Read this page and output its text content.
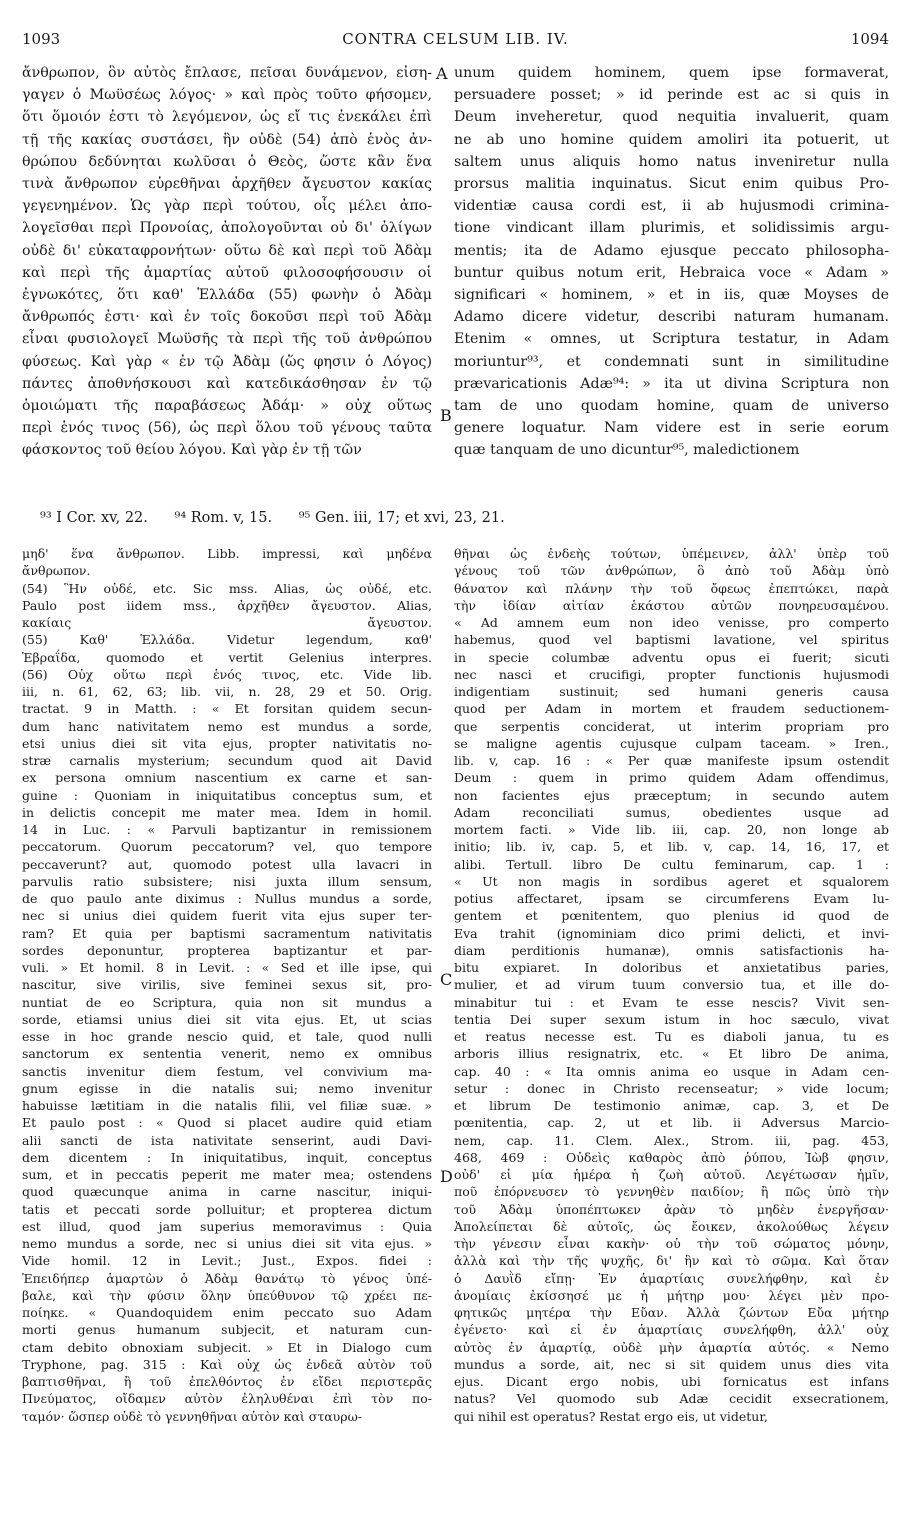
1093	CONTRA CELSUM LIB. IV.	1094
ἄνθρωπον, ὃν αὐτὸς ἔπλασε, πεῖσαι δυνάμενον, εἰση-
γαγεν ὁ Μωϋσέως λόγος· » καὶ πρὸς τοῦτο φήσομεν,
ὅτι ὅμοιόν ἐστι τὸ λεγόμενον, ὡς εἴ τις ἐνεκάλει ἐπὶ
τῇ τῆς κακίας συστάσει, ἣν οὐδὲ (54) ἀπὸ ἑνὸς ἀν-
θρώπου δεδύνηται κωλῦσαι ὁ Θεὸς, ὥστε κἂν ἕνα
τινὰ ἄνθρωπον εὑρεθῆναι ἀρχῆθεν ἄγευστον κακίας
γεγενημένον. Ὡς γὰρ περὶ τούτου, οἷς μέλει ἀπο-
λογεῖσθαι περὶ Προνοίας, ἀπολογοῦνται οὐ δι' ὀλίγων
οὐδὲ δι' εὐκαταφρονήτων· οὕτω δὲ καὶ περὶ τοῦ Ἀδὰμ
καὶ περὶ τῆς ἁμαρτίας αὐτοῦ φιλοσοφήσουσιν οἱ
ἐγνωκότες, ὅτι καθ' Ἑλλάδα (55) φωνὴν ὁ Ἀδὰμ
ἄνθρωπός ἐστι· καὶ ἐν τοῖς δοκοῦσι περὶ τοῦ Ἀδὰμ
εἶναι φυσιολογεῖ Μωϋσῆς τὰ περὶ τῆς τοῦ ἀνθρώπου
φύσεως. Καὶ γὰρ « ἐν τῷ Ἀδὰμ (ὥς φησιν ὁ Λόγος)
πάντες ἀποθνήσκουσι καὶ κατεδικάσθησαν ἐν τῷ
ὁμοιώματι τῆς παραβάσεως Ἀδάμ· » οὐχ οὕτως
περὶ ἑνός τινος (56), ὡς περὶ ὅλου τοῦ γένους ταῦτα
φάσκοντος τοῦ θείου λόγου. Καὶ γὰρ ἐν τῇ τῶν
unum quidem hominem, quem ipse formaverat,
persuadere posset; » id perinde est ac si quis in
Deum inveheretur, quod nequitia invaluerit, quam
ne ab uno homine quidem amoliri ita potuerit, ut
saltem unus aliquis homo natus inveniretur nulla
prorsus malitia inquinatus. Sicut enim quibus Pro-
videntiæ causa cordi est, ii ab hujusmodi crimina-
tione vindicant illam plurimis, et solidissimis argu-
mentis; ita de Adamo ejusque peccato philosopha-
buntur quibus notum erit, Hebraica voce « Adam »
significari « hominem, » et in iis, quæ Moyses de
Adamo dicere videtur, describi naturam humanam.
Etenim « omnes, ut Scriptura testatur, in Adam
moriuntur⁹³, et condemnati sunt in similitudine
prævaricationis Adæ⁹⁴: » ita ut divina Scriptura non
tam de uno quodam homine, quam de universo
genere loquatur. Nam videre est in serie eorum
quæ tanquam de uno dicuntur⁹⁵, maledictionem
A
B
C
D
⁹³ I Cor. xv, 22. ⁹⁴ Rom. v, 15. ⁹⁵ Gen. iii, 17; et xvi, 23, 21.
μηδ' ἕνα ἄνθρωπον. Libb. impressi, καὶ μηδένα
ἄνθρωπον.
(54) Ἣν οὐδέ, etc. Sic mss. Alias, ὡς οὐδέ, etc.
Paulo post iidem mss., ἀρχῆθεν ἄγευστον. Alias,
κακίαις ἄγευστον.
(55) Καθ' Ἑλλάδα. Videtur legendum, καθ'
Ἑβραΐδα, quomodo et vertit Gelenius interpres.
(56) Οὐχ οὕτω περὶ ἑνός τινος, etc. Vide lib.
iii, n. 61, 62, 63; lib. vii, n. 28, 29 et 50. Orig.
tractat. 9 in Matth. : « Et forsitan quidem secun-
dum hanc nativitatem nemo est mundus a sorde,
etsi unius diei sit vita ejus, propter nativitatis no-
stræ carnalis mysterium; secundum quod ait David
ex persona omnium nascentium ex carne et san-
guine : Quoniam in iniquitatibus conceptus sum, et
in delictis concepit me mater mea. Idem in homil.
14 in Luc. : « Parvuli baptizantur in remissionem
peccatorum. Quorum peccatorum? vel, quo tempore
peccaverunt? aut, quomodo potest ulla lavacri in
parvulis ratio subsistere; nisi juxta illum sensum,
de quo paulo ante diximus : Nullus mundus a sorde,
nec si unius diei quidem fuerit vita ejus super ter-
ram? Et quia per baptismi sacramentum nativitatis
sordes deponuntur, propterea baptizantur et par-
vuli. » Et homil. 8 in Levit. : « Sed et ille ipse, qui
nascitur, sive virilis, sive feminei sexus sit, pro-
nuntiat de eo Scriptura, quia non sit mundus a
sorde, etiamsi unius diei sit vita ejus. Et, ut scias
esse in hoc grande nescio quid, et tale, quod nulli
sanctorum ex sententia venerit, nemo ex omnibus
sanctis invenitur diem festum, vel convivium ma-
gnum egisse in die natalis sui; nemo invenitur
habuisse lætitiam in die natalis filii, vel filiæ suæ. »
Et paulo post : « Quod si placet audire quid etiam
alii sancti de ista nativitate senserint, audi Davi-
dem dicentem : In iniquitatibus, inquit, conceptus
sum, et in peccatis peperit me mater mea; ostendens
quod quæcunque anima in carne nascitur, iniqui-
tatis et peccati sorde polluitur; et propterea dictum
est illud, quod jam superius memoravimus : Quia
nemo mundus a sorde, nec si unius diei sit vita ejus. »
Vide homil. 12 in Levit.; Just., Expos. fidei :
Ἐπειδήπερ ἁμαρτὼν ὁ Ἀδὰμ θανάτῳ τὸ γένος ὑπέ-
βαλε, καὶ τὴν φύσιν ὅλην ὑπεύθυνον τῷ χρέει πε-
ποίηκε. « Quandoquidem enim peccato suo Adam
morti genus humanum subjecit, et naturam cun-
ctam debito obnoxiam subjecit. » Et in Dialogo cum
Tryphone, pag. 315 : Καὶ οὐχ ὡς ἐνδεᾶ αὐτὸν τοῦ
βαπτισθῆναι, ἢ τοῦ ἐπελθόντος ἐν εἴδει περιστερᾶς
Πνεύματος, οἴδαμεν αὐτὸν ἐληλυθέναι ἐπὶ τὸν πο-
ταμόν· ὥσπερ οὐδὲ τὸ γεννηθῆναι αὐτὸν καὶ σταυρω-
θῆναι ὡς ἐνδεὴς τούτων, ὑπέμεινεν, ἀλλ' ὑπὲρ τοῦ
γένους τοῦ τῶν ἀνθρώπων, ὃ ἀπὸ τοῦ Ἀδὰμ ὑπὸ
θάνατον καὶ πλάνην τὴν τοῦ ὄφεως ἐπεπτώκει, παρὰ
τὴν ἰδίαν αἰτίαν ἑκάστου αὐτῶν πονηρευσαμένου.
« Ad amnem eum non ideo venisse, pro comperto
habemus, quod vel baptismi lavatione, vel spiritus
in specie columbæ adventu opus ei fuerit; sicuti
nec nasci et crucifigi, propter functionis hujusmodi
indigentiam sustinuit; sed humani generis causa
quod per Adam in mortem et fraudem seductionem-
que serpentis conciderat, ut interim propriam pro
se maligne agentis cujusque culpam taceam. » Iren.,
lib. v, cap. 16 : « Per quæ manifeste ipsum ostendit
Deum : quem in primo quidem Adam offendimus,
non facientes ejus præceptum; in secundo autem
Adam reconciliati sumus, obedientes usque ad
mortem facti. » Vide lib. iii, cap. 20, non longe ab
initio; lib. iv, cap. 5, et lib. v, cap. 14, 16, 17, et
alibi. Tertull. libro De cultu feminarum, cap. 1 :
« Ut non magis in sordibus ageret et squalorem
potius affectaret, ipsam se circumferens Evam lu-
gentem et pœnitentem, quo plenius id quod de
Eva trahit (ignominiam dico primi delicti, et invi-
diam perditionis humanæ), omnis satisfactionis ha-
bitu expiaret. In doloribus et anxietatibus paries,
mulier, et ad virum tuum conversio tua, et ille do-
minabitur tui : et Evam te esse nescis? Vivit sen-
tentia Dei super sexum istum in hoc sæculo, vivat
et reatus necesse est. Tu es diaboli janua, tu es
arboris illius resignatrix, etc. « Et libro De anima,
cap. 40 : « Ita omnis anima eo usque in Adam cen-
setur : donec in Christo recenseatur; » vide locum;
et librum De testimonio animæ, cap. 3, et De
pœnitentia, cap. 2, ut et lib. ii Adversus Marcio-
nem, cap. 11. Clem. Alex., Strom. iii, pag. 453,
468, 469 : Οὐδεὶς καθαρὸς ἀπὸ ῥύπου, Ἰὼβ φησιν,
οὐδ' εἰ μία ἡμέρα ἡ ζωὴ αὐτοῦ. Λεγέτωσαν ἡμῖν,
ποῦ ἐπόρνευσεν τὸ γεννηθὲν παιδίον; ἢ πῶς ὑπὸ τὴν
τοῦ Ἀδὰμ ὑποπέπτωκεν ἀρὰν τὸ μηδὲν ἐνεργῆσαν·
Ἀπολείπεται δὲ αὐτοῖς, ὡς ἔοικεν, ἀκολούθως λέγειν
τὴν γένεσιν εἶναι κακὴν· οὐ τὴν τοῦ σώματος μόνην,
ἀλλὰ καὶ τὴν τῆς ψυχῆς, δι' ἣν καὶ τὸ σῶμα. Καὶ ὅταν
ὁ Δαυῒδ εἴπῃ· Ἐν ἁμαρτίαις συνελήφθην, καὶ ἐν
ἀνομίαις ἐκίσσησέ με ἡ μήτηρ μου· λέγει μὲν προ-
φητικῶς μητέρα τὴν Εὔαν. Ἀλλὰ ζώντων Εὔα μήτηρ
ἐγένετο· καὶ εἰ ἐν ἁμαρτίαις συνελήφθη, ἀλλ' οὐχ
αὐτὸς ἐν ἁμαρτίᾳ, οὐδὲ μὴν ἁμαρτία αὐτός. « Nemo
mundus a sorde, ait, nec si sit quidem unus dies vita
ejus. Dicant ergo nobis, ubi fornicatus est infans
natus? Vel quomodo sub Adæ cecidit exsecrationem,
qui nihil est operatus? Restat ergo eis, ut videtur,
